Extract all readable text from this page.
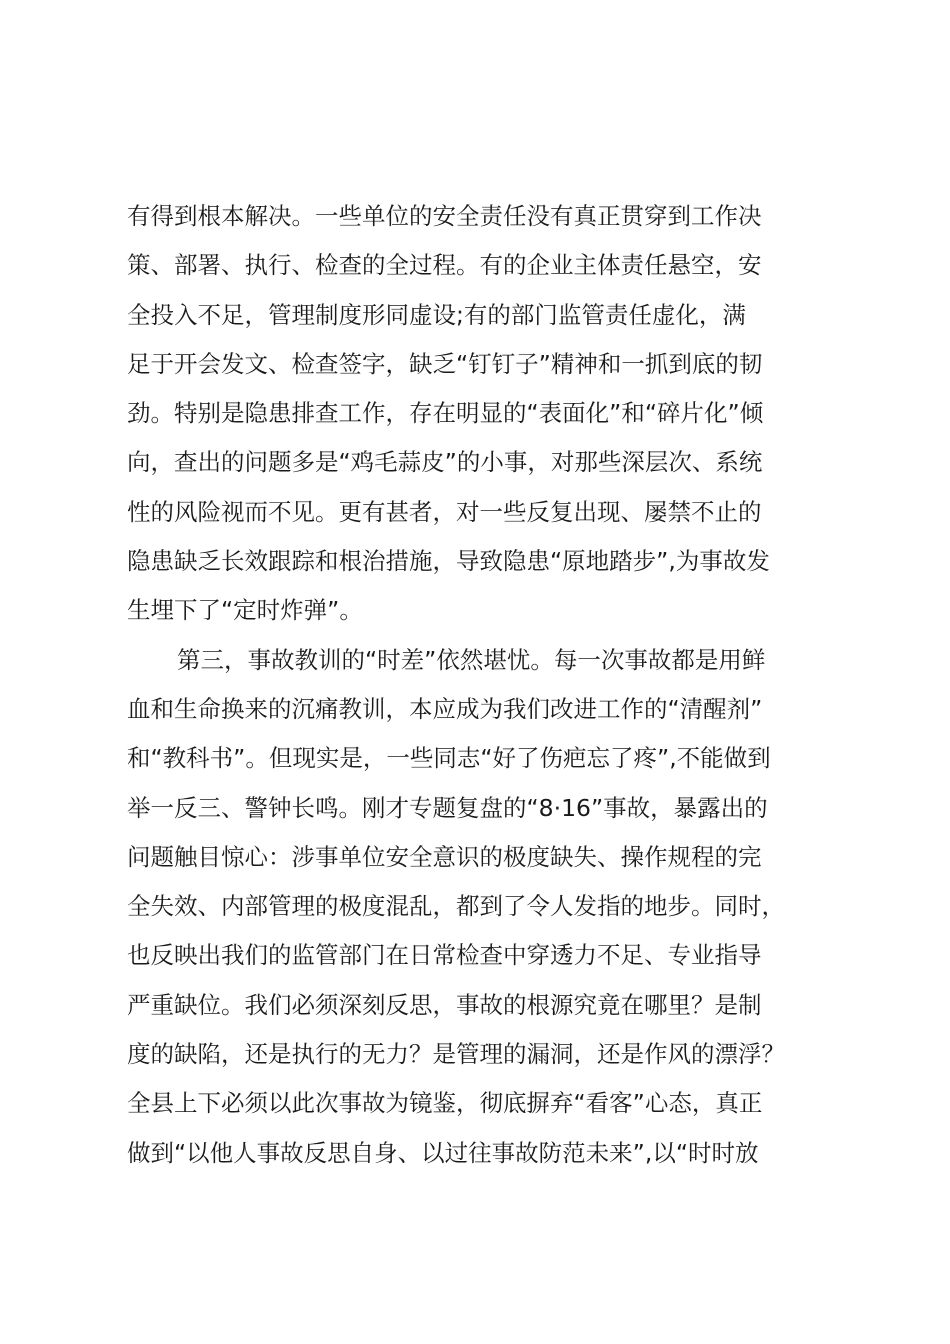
有得到根本解决。一些单位的安全责任没有真正贯穿到工作决
策、部署、执行、检查的全过程。有的企业主体责任悬空，安
全投入不足，管理制度形同虚设;有的部门监管责任虚化，满
足于开会发文、检查签字，缺乏“钉钉子”精神和一抓到底的韧
劲。特别是隐患排查工作，存在明显的“表面化”和“碎片化”倾
向，查出的问题多是“鸡毛蒜皮”的小事，对那些深层次、系统
性的风险视而不见。更有甚者，对一些反复出现、屡禁不止的
隐患缺乏长效跟踪和根治措施，导致隐患“原地踏步”,为事故发
生埋下了“定时炸弹”。
第三，事故教训的“时差”依然堪忧。每一次事故都是用鲜
血和生命换来的沉痛教训，本应成为我们改进工作的“清醒剂”
和“教科书”。但现实是，一些同志“好了伤疤忘了疼”,不能做到
举一反三、警钟长鸣。刚才专题复盘的“8·16”事故，暴露出的
问题触目惊心：涉事单位安全意识的极度缺失、操作规程的完
全失效、内部管理的极度混乱，都到了令人发指的地步。同时，
也反映出我们的监管部门在日常检查中穿透力不足、专业指导
严重缺位。我们必须深刻反思，事故的根源究竟在哪里？是制
度的缺陷，还是执行的无力？是管理的漏洞，还是作风的漂浮？
全县上下必须以此次事故为镜鉴，彻底摒弃“看客”心态，真正
做到“以他人事故反思自身、以过往事故防范未来”,以“时时放
